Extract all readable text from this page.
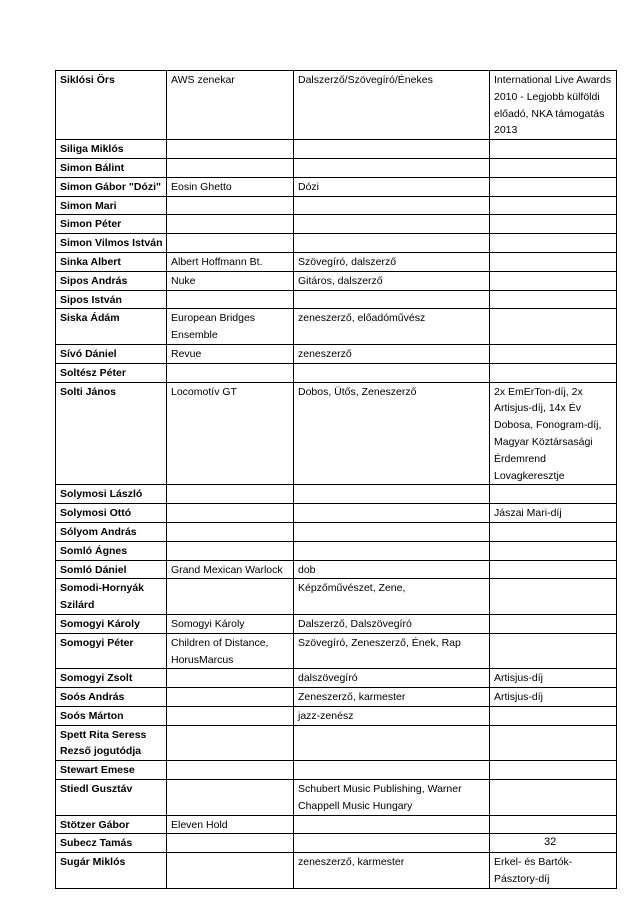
Siklósi Örs	AWS zenekar	Dalszerző/Szövegíró/Énekes	International Live Awards 2010 - Legjobb külföldi előadó, NKA támogatás 2013
Siliga Miklós			
Simon Bálint			
Simon Gábor "Dózi"	Eosin Ghetto	Dózi	
Simon Mari			
Simon Péter			
Simon Vilmos István			
Sinka Albert	Albert Hoffmann Bt.	Szövegíró, dalszerző	
Sipos András	Nuke	Gitáros, dalszerző	
Sipos István			
Siska Ádám	European Bridges Ensemble	zeneszerző, előadóművész	
Sívó Dániel	Revue	zeneszerző	
Soltész Péter			
Solti János	Locomotív GT	Dobos, Ütős, Zeneszerző	2x EmErTon-díj, 2x Artisjus-díj, 14x Év Dobosa, Fonogram-díj, Magyar Köztársasági Érdemrend Lovagkeresztje
Solymosi László			
Solymosi Ottó			Jászai Mari-díj
Sólyom András			
Somló Ágnes			
Somló Dániel	Grand Mexican Warlock	dob	
Somodi-Hornyák Szilárd		Képzőművészet, Zene,	
Somogyi Károly	Somogyi Károly	Dalszerző, Dalszövegíró	
Somogyi Péter	Children of Distance, HorusMarcus	Szövegíró, Zeneszerző, Ének, Rap	
Somogyi Zsolt		dalszövegíró	Artisjus-díj
Soós András		Zeneszerző, karmester	Artisjus-díj
Soós Márton		jazz-zenész	
Spett Rita Seress Rezső jogutódja			
Stewart Emese			
Stiedl Gusztáv		Schubert Music Publishing, Warner Chappell Music Hungary	
Stötzer Gábor	Eleven Hold		
Subecz Tamás			
Sugár Miklós		zeneszerző, karmester	Erkel- és Bartók-Pásztory-díj
32
